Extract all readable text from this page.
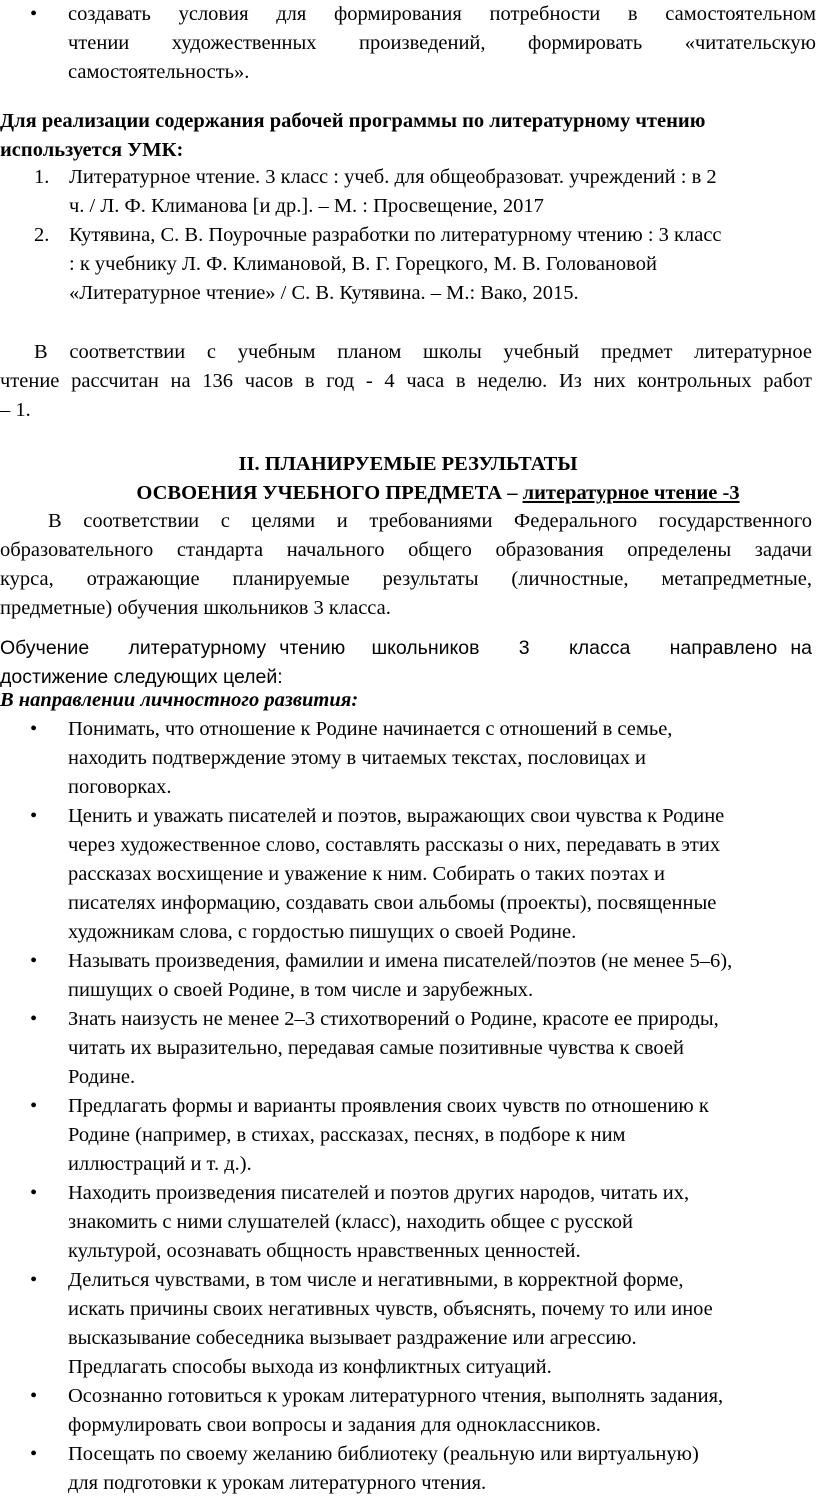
• создавать условия для формирования потребности в самостоятельном
чтении художественных произведений, формировать «читательскую
самостоятельность».
Для реализации содержания рабочей программы по литературному чтению
используется УМК:
1. Литературное чтение. 3 класс : учеб. для общеобразоват. учреждений : в 2
ч. / Л. Ф. Климанова [и др.]. – М. : Просвещение, 2017
2. Кутявина, С. В. Поурочные разработки по литературному чтению : 3 класс
: к учебнику Л. Ф. Климановой, В. Г. Горецкого, М. В. Головановой
«Литературное чтение» / С. В. Кутявина. – М.: Вако, 2015.
В соответствии с учебным планом школы учебный предмет литературное
чтение рассчитан на 136 часов в год - 4 часа в неделю. Из них контрольных работ
– 1.
II. ПЛАНИРУЕМЫЕ РЕЗУЛЬТАТЫ
ОСВОЕНИЯ УЧЕБНОГО ПРЕДМЕТА – литературное чтение -3
В соответствии с целями и требованиями Федерального государственного
образовательного стандарта начального общего образования определены задачи
курса, отражающие планируемые результаты (личностные, метапредметные,
предметные) обучения школьников 3 класса.
Обучение   литературному чтению  школьников   3   класса   направлено на
достижение следующих целей:
В направлении личностного развития:
• Понимать, что отношение к Родине начинается с отношений в семье,
находить подтверждение этому в читаемых текстах, пословицах и
поговорках.
• Ценить и уважать писателей и поэтов, выражающих свои чувства к Родине
через художественное слово, составлять рассказы о них, передавать в этих
рассказах восхищение и уважение к ним. Собирать о таких поэтах и
писателях информацию, создавать свои альбомы (проекты), посвященные
художникам слова, с гордостью пишущих о своей Родине.
• Называть произведения, фамилии и имена писателей/поэтов (не менее 5–6),
пишущих о своей Родине, в том числе и зарубежных.
• Знать наизусть не менее 2–3 стихотворений о Родине, красоте ее природы,
читать их выразительно, передавая самые позитивные чувства к своей
Родине.
• Предлагать формы и варианты проявления своих чувств по отношению к
Родине (например, в стихах, рассказах, песнях, в подборе к ним
иллюстраций и т. д.).
• Находить произведения писателей и поэтов других народов, читать их,
знакомить с ними слушателей (класс), находить общее с русской
культурой, осознавать общность нравственных ценностей.
• Делиться чувствами, в том числе и негативными, в корректной форме,
искать причины своих негативных чувств, объяснять, почему то или иное
высказывание собеседника вызывает раздражение или агрессию.
Предлагать способы выхода из конфликтных ситуаций.
• Осознанно готовиться к урокам литературного чтения, выполнять задания,
формулировать свои вопросы и задания для одноклассников.
• Посещать по своему желанию библиотеку (реальную или виртуальную)
для подготовки к урокам литературного чтения.
